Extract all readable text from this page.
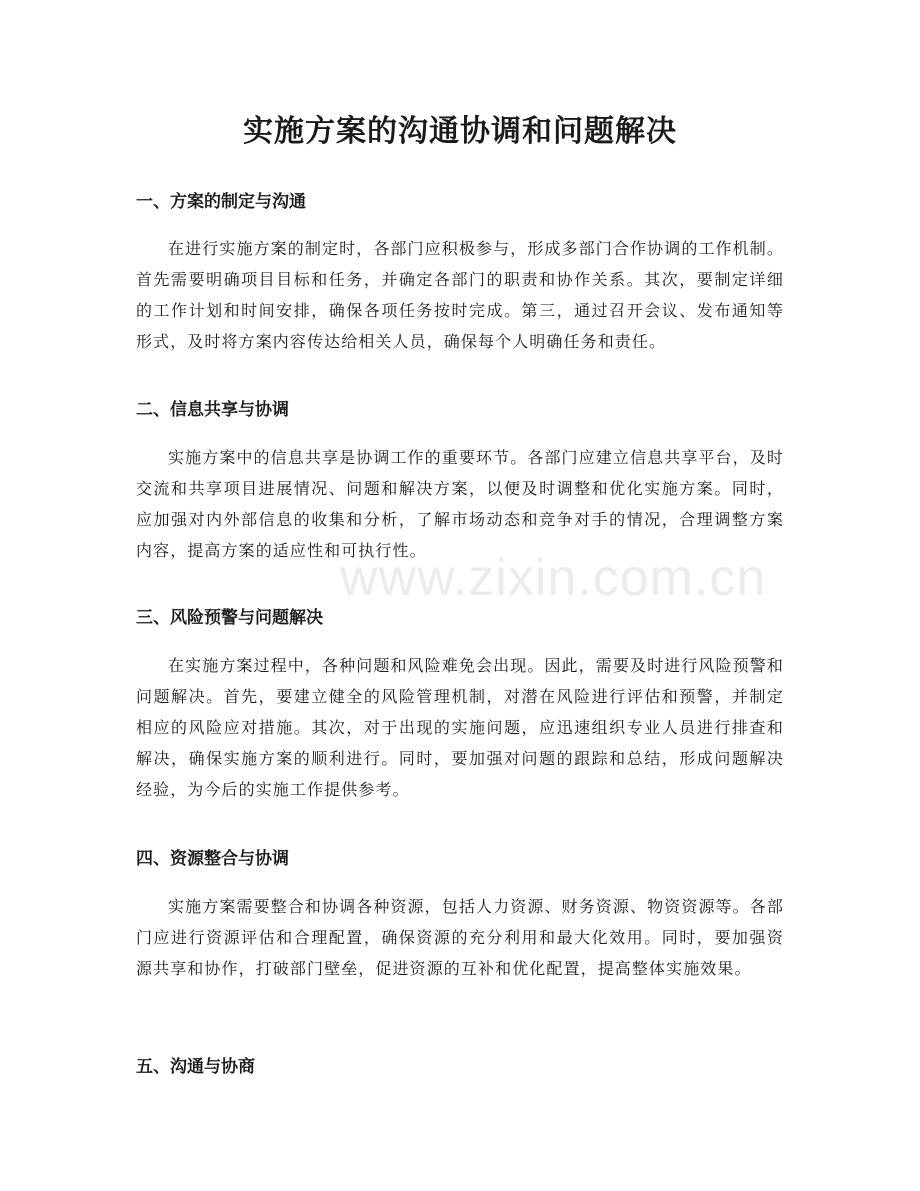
实施方案的沟通协调和问题解决
www.zixin.com.cn
一、方案的制定与沟通

在进行实施方案的制定时，各部门应积极参与，形成多部门合作协调的工作机制。首先需要明确项目目标和任务，并确定各部门的职责和协作关系。其次，要制定详细的工作计划和时间安排，确保各项任务按时完成。第三，通过召开会议、发布通知等形式，及时将方案内容传达给相关人员，确保每个人明确任务和责任。

二、信息共享与协调

实施方案中的信息共享是协调工作的重要环节。各部门应建立信息共享平台，及时交流和共享项目进展情况、问题和解决方案，以便及时调整和优化实施方案。同时，应加强对内外部信息的收集和分析，了解市场动态和竞争对手的情况，合理调整方案内容，提高方案的适应性和可执行性。

三、风险预警与问题解决

在实施方案过程中，各种问题和风险难免会出现。因此，需要及时进行风险预警和问题解决。首先，要建立健全的风险管理机制，对潜在风险进行评估和预警，并制定相应的风险应对措施。其次，对于出现的实施问题，应迅速组织专业人员进行排查和解决，确保实施方案的顺利进行。同时，要加强对问题的跟踪和总结，形成问题解决经验，为今后的实施工作提供参考。

四、资源整合与协调

实施方案需要整合和协调各种资源，包括人力资源、财务资源、物资资源等。各部门应进行资源评估和合理配置，确保资源的充分利用和最大化效用。同时，要加强资源共享和协作，打破部门壁垒，促进资源的互补和优化配置，提高整体实施效果。

五、沟通与协商
